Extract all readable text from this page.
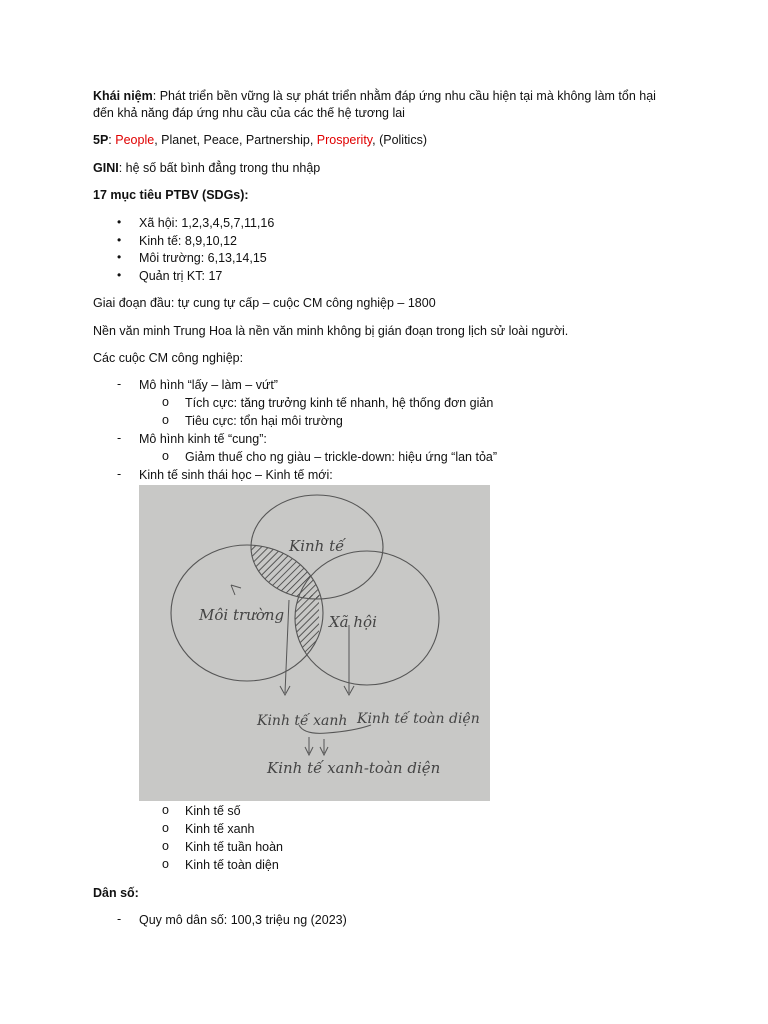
Khái niệm: Phát triển bền vững là sự phát triển nhằm đáp ứng nhu cầu hiện tại mà không làm tổn hại
đến khả năng đáp ứng nhu cầu của các thế hệ tương lai
5P: People, Planet, Peace, Partnership, Prosperity, (Politics)
GINI: hệ số bất bình đẳng trong thu nhập
17 mục tiêu PTBV (SDGs):
• Xã hội: 1,2,3,4,5,7,11,16
• Kinh tế: 8,9,10,12
• Môi trường: 6,13,14,15
• Quản trị KT: 17
Giai đoạn đầu: tự cung tự cấp – cuộc CM công nghiệp – 1800
Nền văn minh Trung Hoa là nền văn minh không bị gián đoạn trong lịch sử loài người.
Các cuộc CM công nghiệp:
- Mô hình “lấy – làm – vứt”
o Tích cực: tăng trưởng kinh tế nhanh, hệ thống đơn giản
o Tiêu cực: tổn hại môi trường
- Mô hình kinh tế “cung”:
o Giảm thuế cho ng giàu – trickle-down: hiệu ứng “lan tỏa”
- Kinh tế sinh thái học – Kinh tế mới:
Kinh tế
Môi trường	Xã hội
Kinh tế xanh Kinh tế toàn diện
Kinh tế xanh-toàn diện
o Kinh tế số
o Kinh tế xanh
o Kinh tế tuần hoàn
o Kinh tế toàn diện
Dân số:
- Quy mô dân số: 100,3 triệu ng (2023)
